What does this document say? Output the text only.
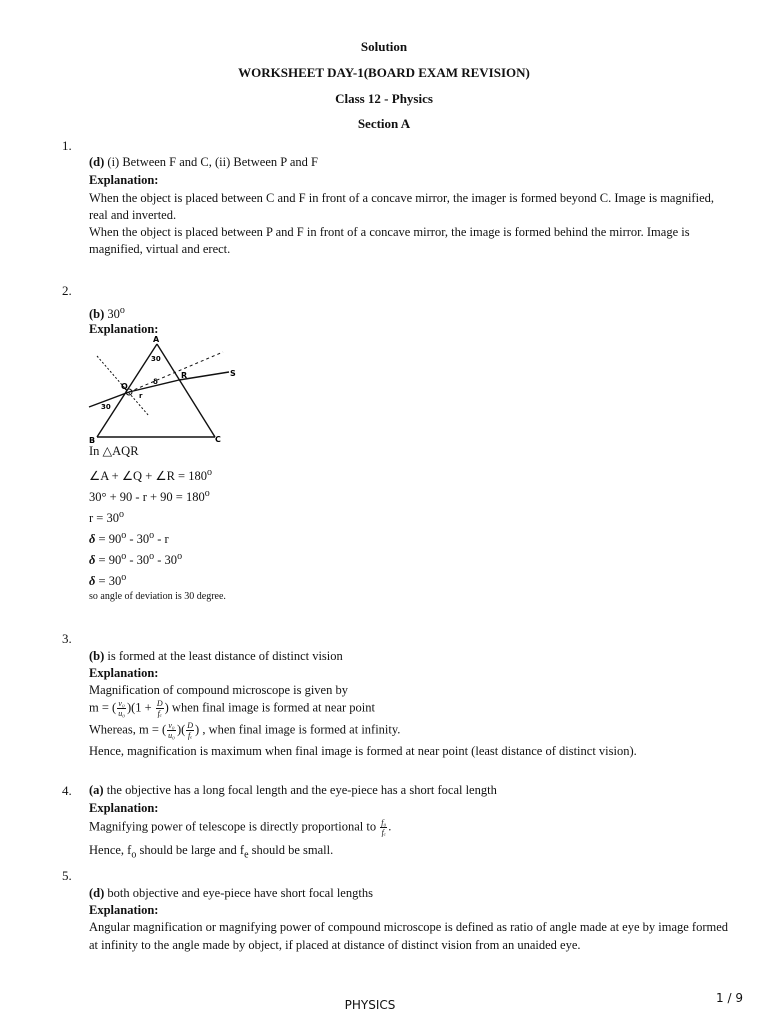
Solution
WORKSHEET DAY-1(BOARD EXAM REVISION)
Class 12 - Physics
Section A
1.
(d) (i) Between F and C, (ii) Between P and F
Explanation:
When the object is placed between C and F in front of a concave mirror, the imager is formed beyond C. Image is magnified,
real and inverted.
When the object is placed between P and F in front of a concave mirror, the image is formed behind the mirror. Image is
magnified, virtual and erect.
2.
(b) 30$^o$
Explanation:
A
B	C
Q
R	S
30
30
r
δ
In △AQR
∠A + ∠Q + ∠R = $180^o$
$30^\circ + 90 - r + 90 = 180^o$
$r = 30^o$
$\delta = 90^o - 30^o - r$
$\delta = 90^o - 30^o - 30^o$
$\delta = 30^o$
so angle of deviation is 30 degree.
3.
(b) is formed at the least distance of distinct vision
Explanation:
Magnification of compound microscope is given by
m = ( $\frac{\text{v₀}}{\text{u₀}} )(1 + \frac{D}{\text{fₑ}}$ ) when final image is formed at near point
Whereas, m = ( $\frac{\text{v₀}}{\text{u₀}}$ )( $\frac{D}{\text{fₑ}}$ ) , when final image is formed at infinity.
Hence, magnification is maximum when final image is formed at near point (least distance of distinct vision).
4. (a) the objective has a long focal length and the eye-piece has a short focal length
Explanation:
Magnifying power of telescope is directly proportional to $\frac{\text{f₀}}{\text{fₑ}}$ .
Hence, $f_o$ should be large and $f_e$ should be small.
5.
(d) both objective and eye-piece have short focal lengths
Explanation:
Angular magnification or magnifying power of compound microscope is defined as ratio of angle made at eye by image formed
at infinity to the angle made by object, if placed at distance of distinct vision from an unaided eye.
PHYSICS	1 / 9
